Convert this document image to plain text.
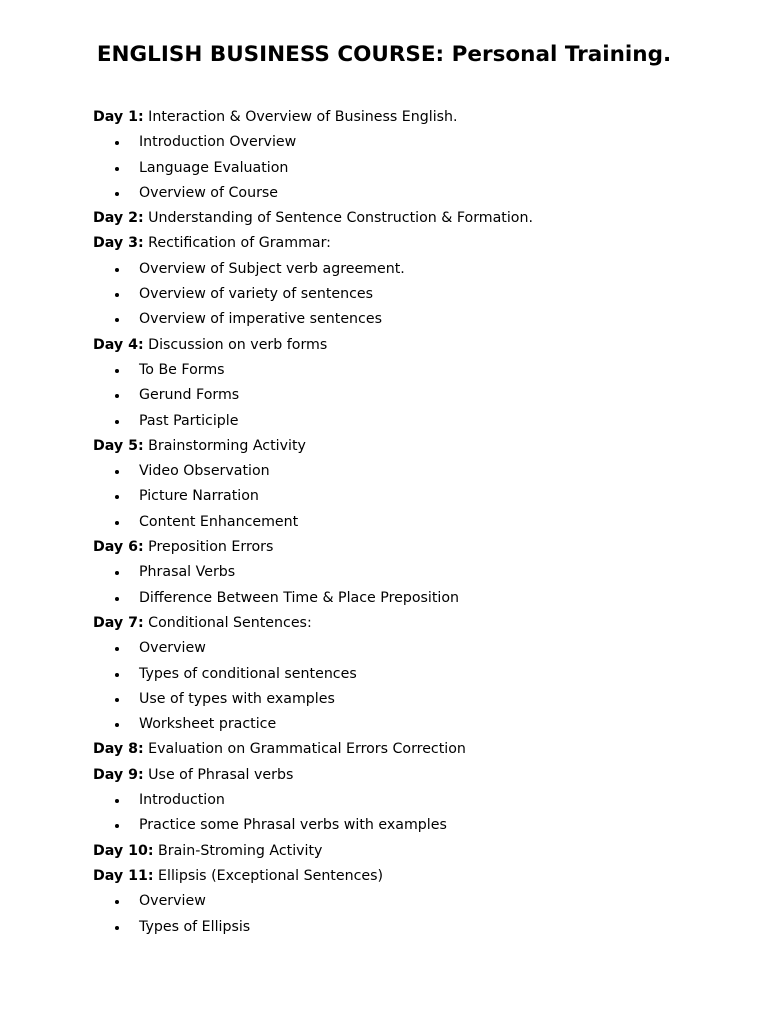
ENGLISH BUSINESS COURSE: Personal Training.
Day 1: Interaction & Overview of Business English.
Introduction Overview
Language Evaluation
Overview of Course
Day 2: Understanding of Sentence Construction & Formation.
Day 3: Rectification of Grammar:
Overview of Subject verb agreement.
Overview of variety of sentences
Overview of imperative sentences
Day 4: Discussion on verb forms
To Be Forms
Gerund Forms
Past Participle
Day 5: Brainstorming Activity
Video Observation
Picture Narration
Content Enhancement
Day 6: Preposition Errors
Phrasal Verbs
Difference Between Time & Place Preposition
Day 7: Conditional Sentences:
Overview
Types of conditional sentences
Use of types with examples
Worksheet practice
Day 8: Evaluation on Grammatical Errors Correction
Day 9: Use of Phrasal verbs
Introduction
Practice some Phrasal verbs with examples
Day 10: Brain-Stroming Activity
Day 11: Ellipsis (Exceptional Sentences)
Overview
Types of Ellipsis
